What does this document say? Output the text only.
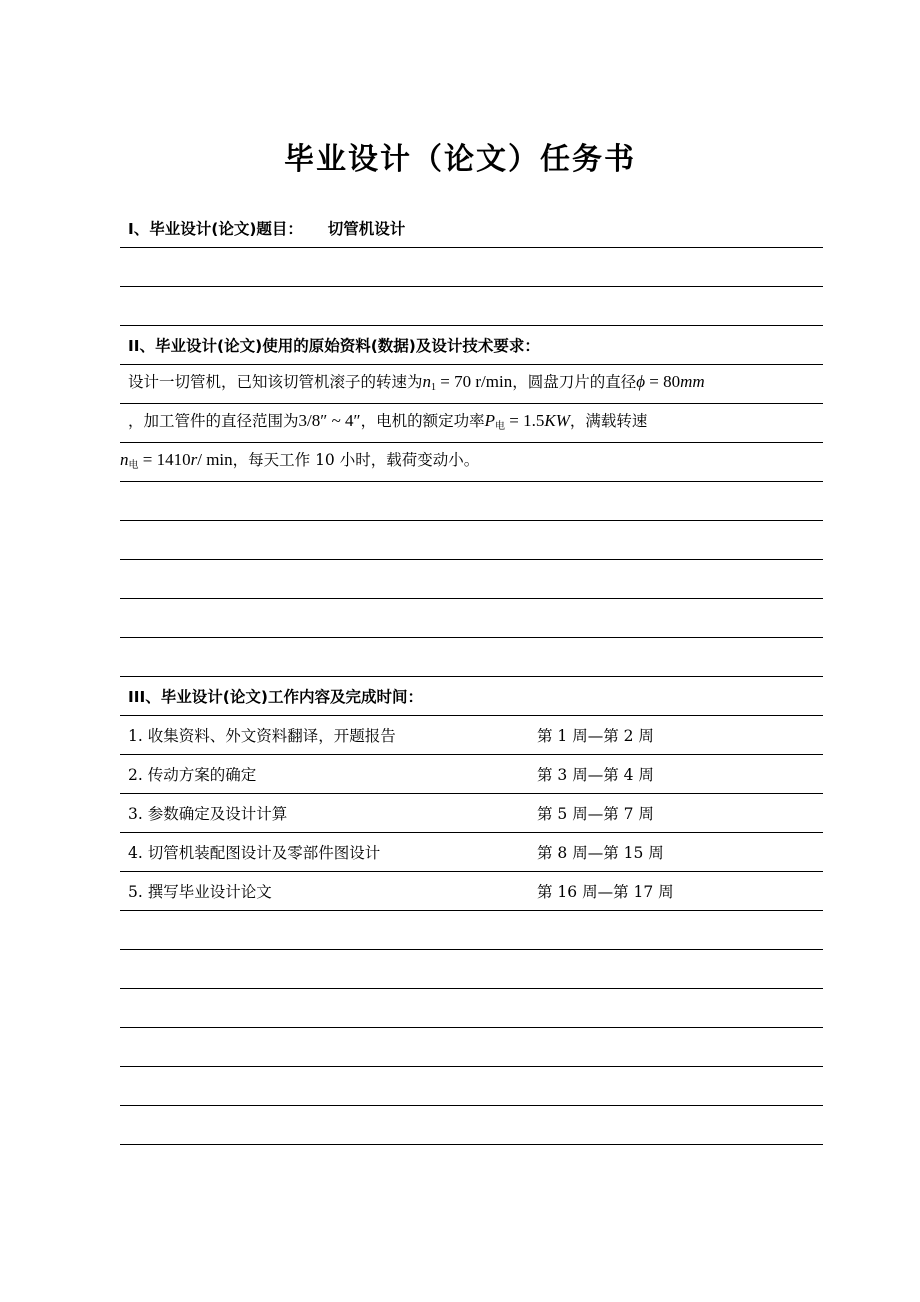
毕业设计（论文）任务书
I、毕业设计(论文)题目： 切管机设计
II、毕业设计(论文)使用的原始资料(数据)及设计技术要求：
设计一切管机，已知该切管机滚子的转速为$n_1 = 70$ r/min，圆盘刀片的直径ϕ = 80mm
，加工管件的直径范围为3/8″ ~ 4″，电机的额定功率$P_电 = 1.5KW$，满载转速
$n_电 = 1410r/$ min，每天工作 10 小时，载荷变动小。
III、毕业设计(论文)工作内容及完成时间：
1. 收集资料、外文资料翻译，开题报告	第 1 周—第 2 周
2. 传动方案的确定	第 3 周—第 4 周
3. 参数确定及设计计算	第 5 周—第 7 周
4. 切管机装配图设计及零部件图设计	第 8 周—第 15 周
5. 撰写毕业设计论文	第 16 周—第 17 周
